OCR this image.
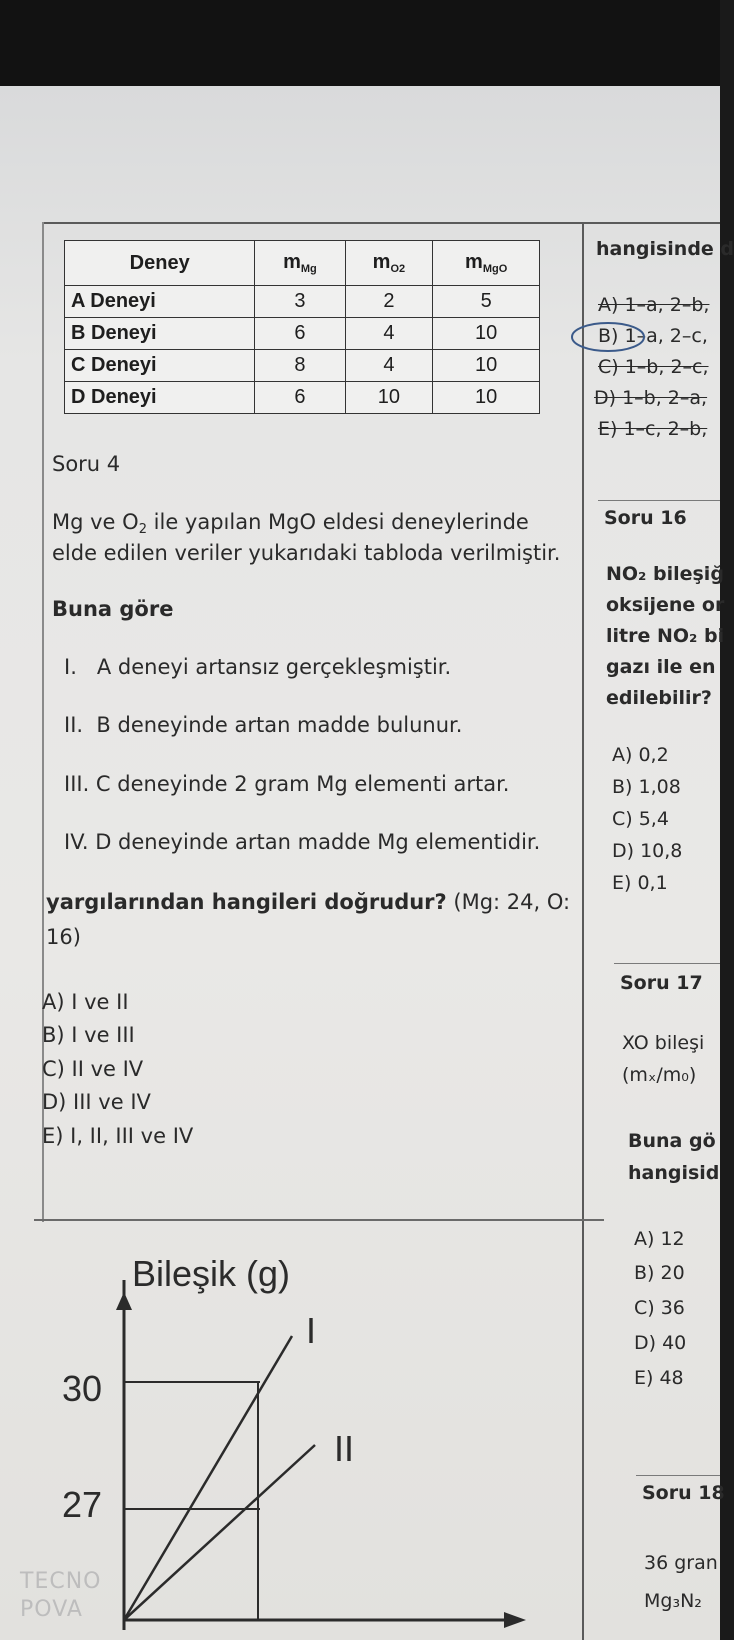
Deney	$m_{Mg}$	$m_{O2}$	$m_{MgO}$
A Deneyi	3	2	5
B Deneyi	6	4	10
C Deneyi	8	4	10
D Deneyi	6	10	10
Soru 4
Mg ve O2 ile yapılan MgO eldesi deneylerinde
elde edilen veriler yukarıdaki tabloda verilmiştir.
Buna göre
I.   A deneyi artansız gerçekleşmiştir.
II.  B deneyinde artan madde bulunur.
III. C deneyinde 2 gram Mg elementi artar.
IV. D deneyinde artan madde Mg elementidir.
yargılarından hangileri doğrudur? (Mg: 24, O:
16)
A) I ve II
B) I ve III
C) II ve IV
D) III ve IV
E) I, II, III ve IV
Bileşik (g)
30
27
I
II
hangisinde d
A) 1–a, 2–b,
B) 1–a, 2–c,
C) 1–b, 2–c,
D) 1–b, 2–a,
E) 1–c, 2–b,
Soru 16
NO₂ bileşiğ
oksijene or
litre NO₂ bi
gazı ile en
edilebilir?
A) 0,2
B) 1,08
C) 5,4
D) 10,8
E) 0,1
Soru 17
XO bileşi
(mₓ/m₀)
Buna gö
hangisid
A) 12
B) 20
C) 36
D) 40
E) 48
Soru 18
36 gran
Mg₃N₂
TECNO
POVA
